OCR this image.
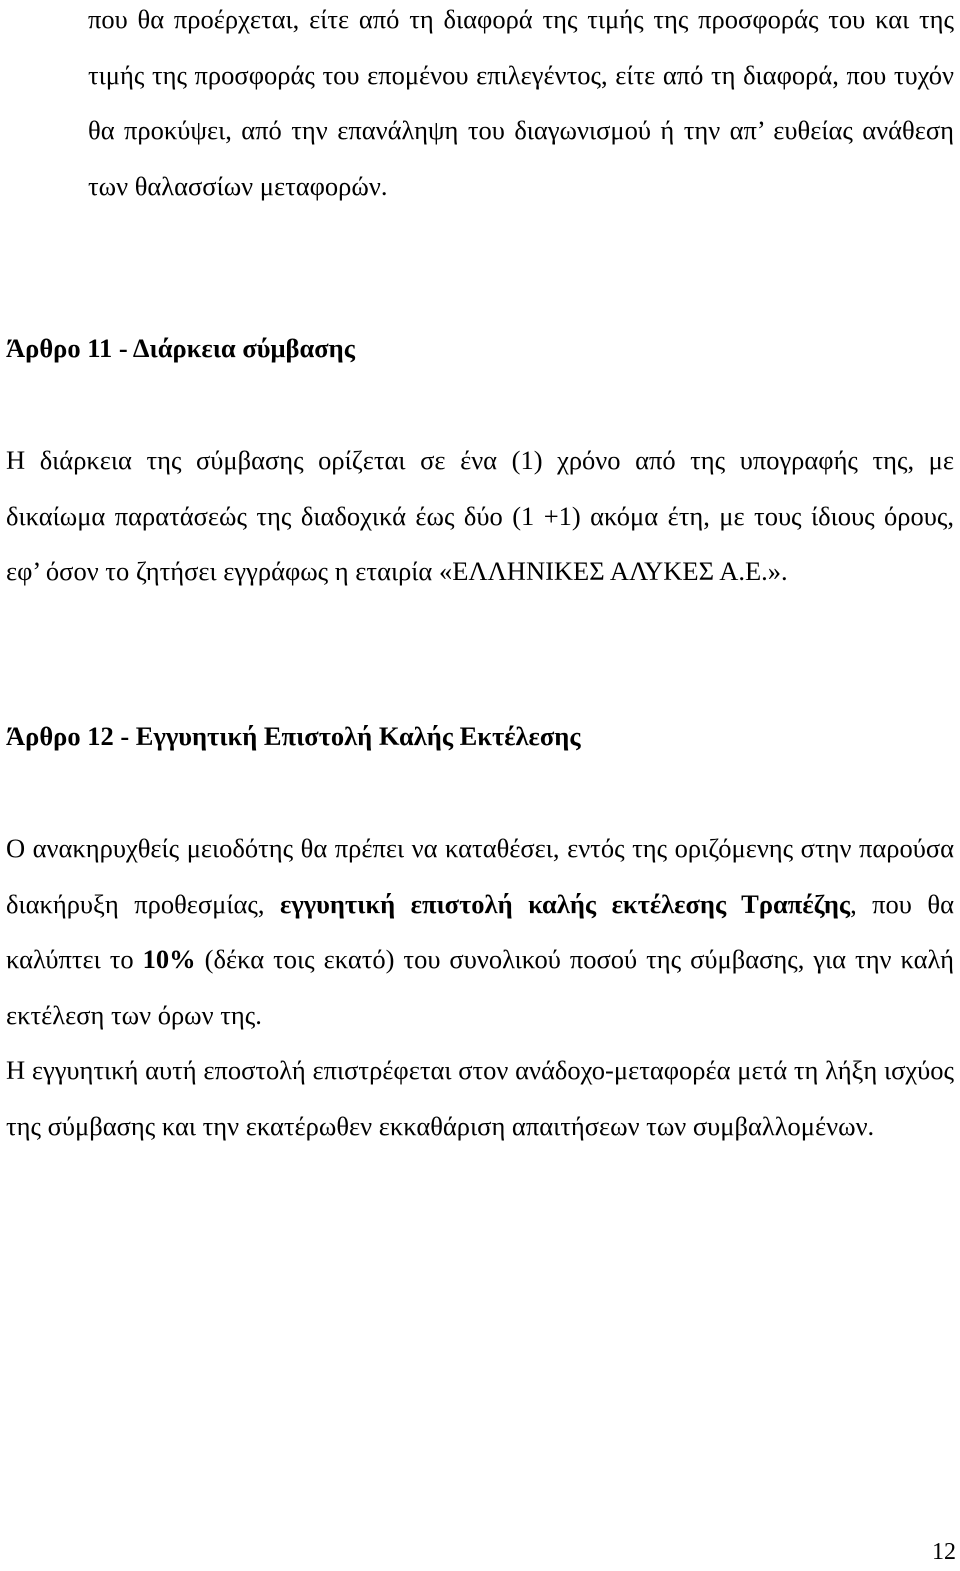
που θα προέρχεται, είτε από τη διαφορά της τιμής της προσφοράς του και της τιμής της προσφοράς του επομένου επιλεγέντος, είτε από τη διαφορά, που τυχόν θα προκύψει, από την επανάληψη του διαγωνισμού ή την απ’ ευθείας ανάθεση των θαλασσίων μεταφορών.

Άρθρο 11 - Διάρκεια σύμβασης

Η διάρκεια της σύμβασης ορίζεται σε ένα (1) χρόνο από της υπογραφής της, με δικαίωμα παρατάσεώς της διαδοχικά έως δύο (1 +1) ακόμα έτη, με τους ίδιους όρους, εφ’ όσον το ζητήσει εγγράφως η εταιρία «ΕΛΛΗΝΙΚΕΣ ΑΛΥΚΕΣ Α.Ε.».

Άρθρο 12 - Εγγυητική Επιστολή Καλής Εκτέλεσης

Ο ανακηρυχθείς μειοδότης θα πρέπει να καταθέσει, εντός της οριζόμενης στην παρούσα διακήρυξη προθεσμίας, εγγυητική επιστολή καλής εκτέλεσης Τραπέζης, που θα καλύπτει το 10% (δέκα τοις εκατό) του συνολικού ποσού της σύμβασης, για την καλή εκτέλεση των όρων της.

Η εγγυητική αυτή εποστολή επιστρέφεται στον ανάδοχο-μεταφορέα μετά τη λήξη ισχύος της σύμβασης και την εκατέρωθεν εκκαθάριση απαιτήσεων των συμβαλλομένων.

12
